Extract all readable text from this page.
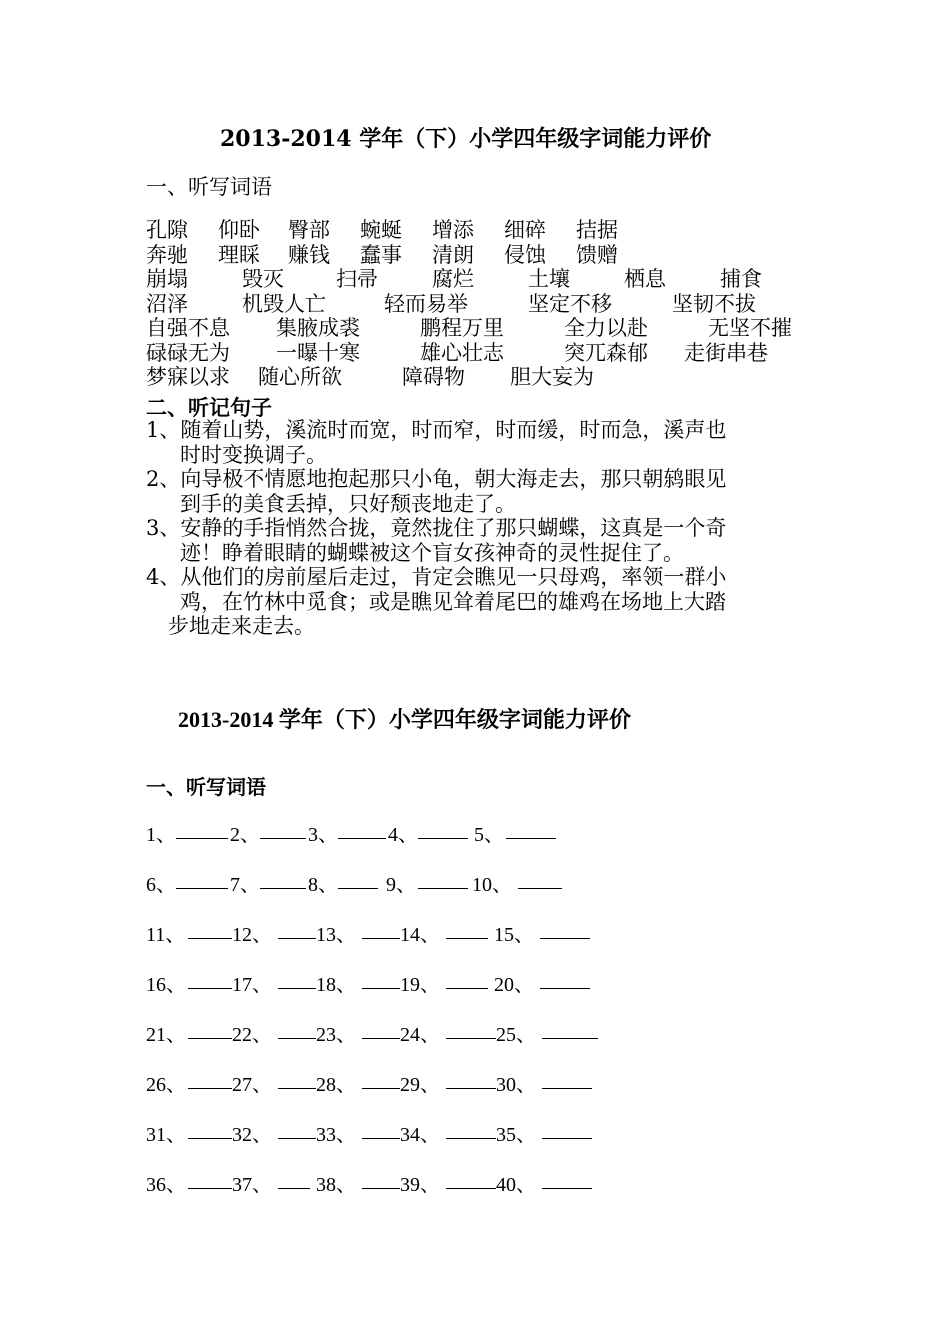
2013-2014 学年（下）小学四年级字词能力评价
一、听写词语
孔隙 仰卧 臀部 蜿蜒 增添 细碎 拮据
奔驰 理睬 赚钱 蠢事 清朗 侵蚀 馈赠
崩塌	毁灭 扫帚	腐烂	土壤	栖息	捕食
沼泽	机毁人亡	轻而易举	坚定不移	坚韧不拔
自强不息 集腋成裘	鹏程万里	全力以赴	无坚不摧
碌碌无为 一曝十寒	雄心壮志	突兀森郁 走街串巷
梦寐以求 随心所欲	障碍物 胆大妄为
二、听记句子
1、随着山势，溪流时而宽，时而窄，时而缓，时而急，溪声也
时时变换调子。
2、向导极不情愿地抱起那只小龟，朝大海走去，那只朝鸫眼见
到手的美食丢掉，只好颓丧地走了。
3、安静的手指悄然合拢，竟然拢住了那只蝴蝶，这真是一个奇
迹！睁着眼睛的蝴蝶被这个盲女孩神奇的灵性捉住了。
4、从他们的房前屋后走过，肯定会瞧见一只母鸡，率领一群小
鸡，在竹林中觅食；或是瞧见耸着尾巴的雄鸡在场地上大踏
步地走来走去。
2013-2014 学年（下）小学四年级字词能力评价
一、听写词语
1、	2、 3、	4、	5、
6、	7、 8、 9、	10、
11、 12、 13、 14、	15、
16、 17、 18、 19、	20、
21、 22、 23、 24、	25、
26、 27、 28、 29、	30、
31、 32、 33、 34、	35、
36、 37、 38、 39、	40、
